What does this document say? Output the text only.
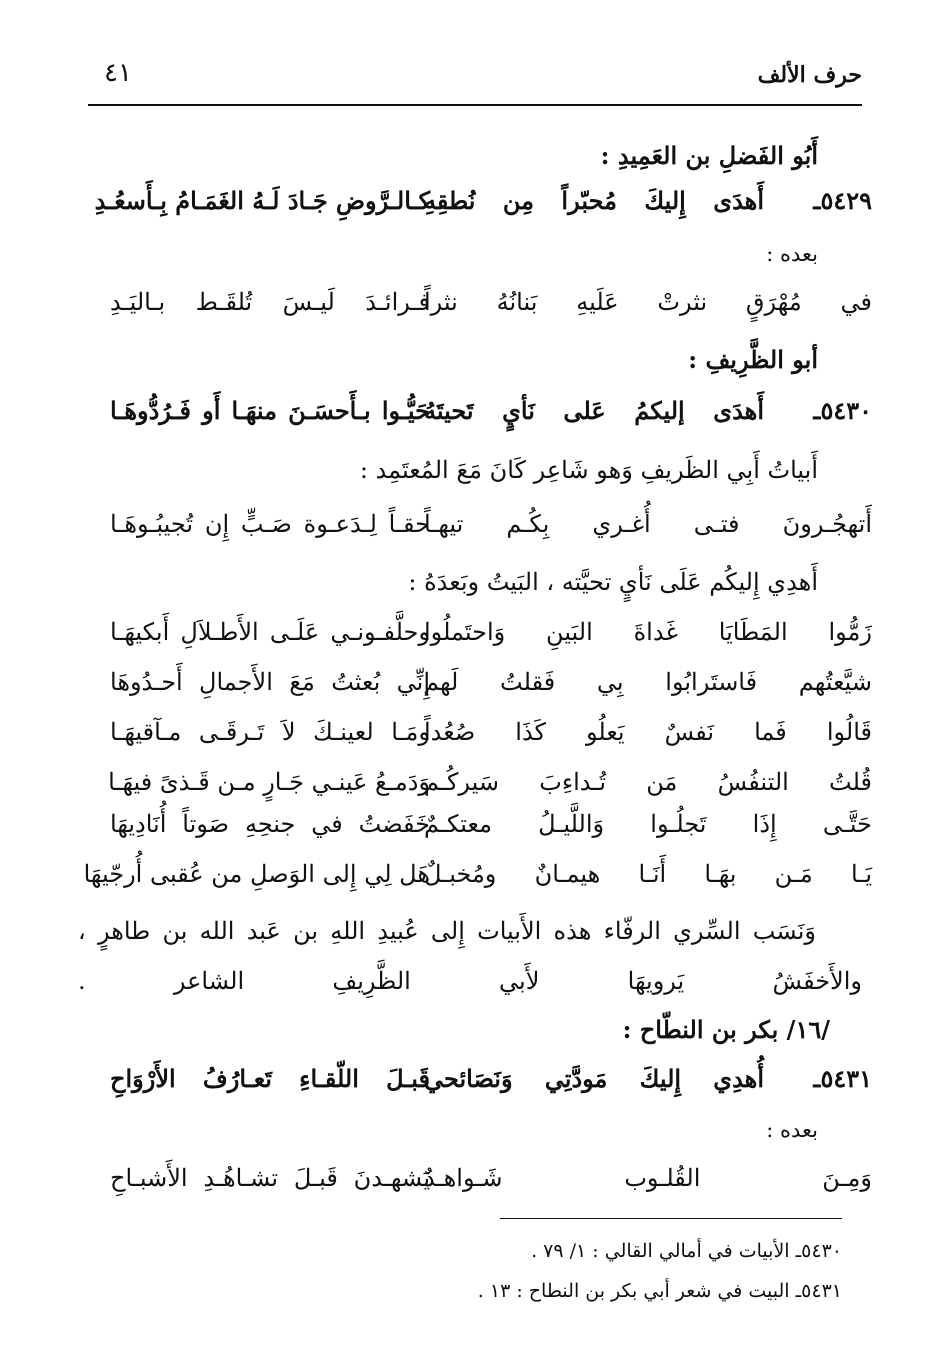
حرف الألف
٤١
أَبُو الفَضلِ بن العَمِيدِ :
٥٤٢٩ـ
أَهدَى إِليكَ مُحبّراً مِن نُطقِهِ
كـالـرَّوضِ جَـادَ لَـهُ الغَمَـامُ بِـأَسعُـدِ
بعده :
في مُهْرَقٍ نثرتْ عَلَيهِ بَنانُهُ نثراً
فـرائـدَ لَيـسَ تُلقَـط بـاليَـدِ
أبو الظَّرِيفِ :
٥٤٣٠ـ
أَهدَى إليكمُ عَلى نَأيٍ تَحيتَهُ
حَيُّـوا بـأَحسَـنَ منهَـا أَو فَـرُدُّوهَـا
أَبياتُ أَبِي الظَريفِ وَهو شَاعِر كَانَ مَعَ المُعتَمِد :
أَتهجُـرونَ فتـى أُغـري بِكُـم تيهـاً
حقـاً لِـدَعـوة صَـبٍّ إِن تُجيبُـوهَـا
أَهدِي إِليكُم عَلَى نَأيٍ تحيَّته ، البَيتُ وبَعدَهُ :
زَمُّوا المَطَايَا غَداةَ البَينِ وَاحتَملُوا
وحلَّفـونـي عَلَـى الأَطـلاَلِ أَبكيهَـا
شيَّعتُهم فَاستَرابُوا بِي فَقلتُ لَهم
إِنِّي بُعثتُ مَعَ الأَجمالِ أَحـدُوهَا
قَالُوا فَما نَفسٌ يَعلُو كَذَا صُعُداً
ومَـا لعينـكَ لاَ تَـرقَـى مـآقيهَـا
قُلتُ التنفُسُ مَن تُـداءِبَ سَيركُـم
وَدَمـعُ عَينـي جَـارٍ مـن قَـذىً فيهَـا
حَتَّـى إِذَا تَجلُـوا وَاللَّيـلُ معتكـمٌ
خَفَضتُ في جنحِهِ صَوتاً أُنَادِيهَا
يَـا مَـن بهَـا أَنَـا هيمـانٌ ومُخبـلٌ
هَل لِي إِلى الوَصلِ من عُقبى أُرجّيهَا
وَنَسَب السِّري الرفّاء هذه الأَبيات إِلى عُبيدِ اللهِ بن عَبد الله بن طاهرٍ ، والأَخفَشُ يَرويهَا لأَبي الظَّرِيفِ الشاعر .
/١٦/ بكر بن النطّاح :
٥٤٣١ـ
أُهدِي إِليكَ مَودَّتِي وَنَصَائحي
قَبـلَ اللّقـاءِ تَعـارُفُ الأَرْوَاحِ
بعده :
وَمِـنَ القُلـوب شَـواهـدٌ
يَشهـدنَ قَبـلَ تشـاهُـدِ الأَشبـاحِ
٥٤٣٠ـ الأبيات في أمالي القالي : ١/ ٧٩ .
٥٤٣١ـ البيت في شعر أبي بكر بن النطاح : ١٣ .
